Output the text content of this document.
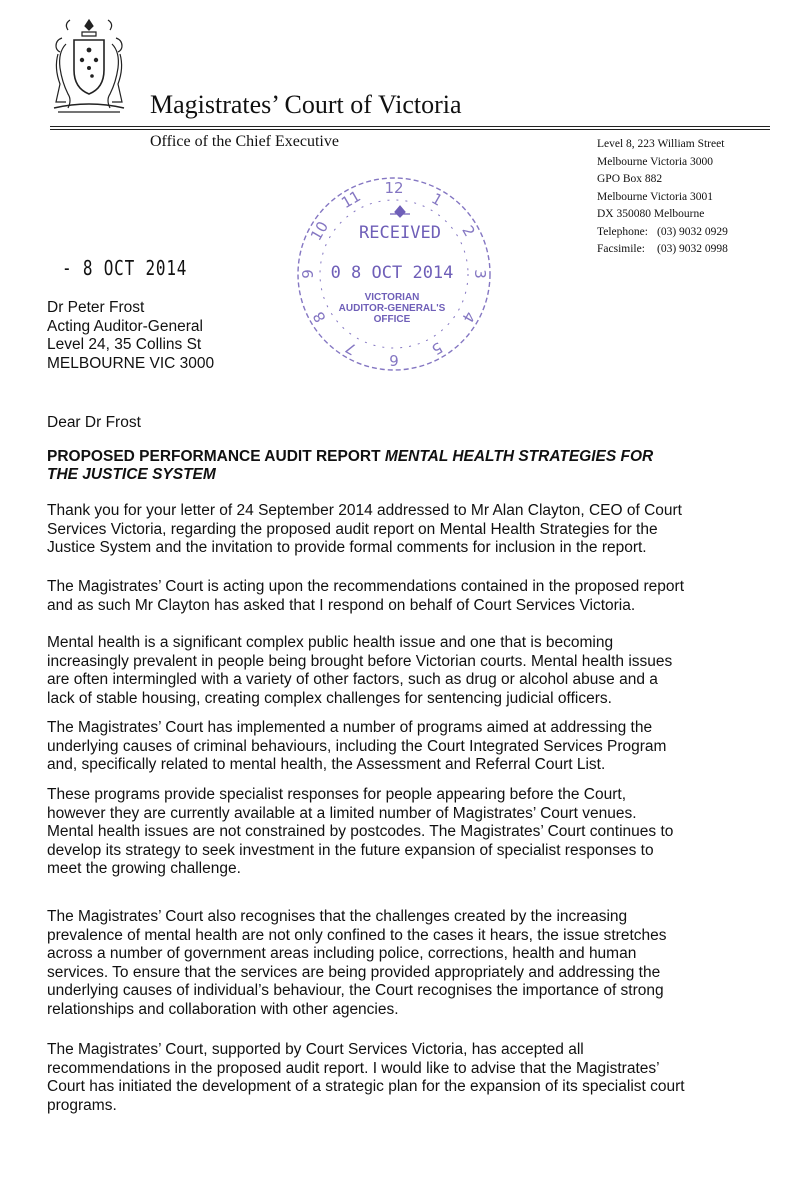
Magistrates’ Court of Victoria
Office of the Chief Executive	Level 8, 223 William Street
Melbourne Victoria 3000
GPO Box 882
Melbourne Victoria 3001
DX 350080 Melbourne
Telephone: (03) 9032 0929
Facsimile: (03) 9032 0998
12
1
2
3
4
5
6
7
8
9
10
11
RECEIVED
0 8 OCT 2014
VICTORIAN
AUDITOR-GENERAL'S
OFFICE
- 8 OCT 2014
Dr Peter Frost
Acting Auditor-General
Level 24, 35 Collins St
MELBOURNE VIC 3000
Dear Dr Frost
PROPOSED PERFORMANCE AUDIT REPORT MENTAL HEALTH STRATEGIES FOR
THE JUSTICE SYSTEM
Thank you for your letter of 24 September 2014 addressed to Mr Alan Clayton, CEO of Court
Services Victoria, regarding the proposed audit report on Mental Health Strategies for the
Justice System and the invitation to provide formal comments for inclusion in the report.
The Magistrates’ Court is acting upon the recommendations contained in the proposed report
and as such Mr Clayton has asked that I respond on behalf of Court Services Victoria.
Mental health is a significant complex public health issue and one that is becoming
increasingly prevalent in people being brought before Victorian courts. Mental health issues
are often intermingled with a variety of other factors, such as drug or alcohol abuse and a
lack of stable housing, creating complex challenges for sentencing judicial officers.
The Magistrates’ Court has implemented a number of programs aimed at addressing the
underlying causes of criminal behaviours, including the Court Integrated Services Program
and, specifically related to mental health, the Assessment and Referral Court List.
These programs provide specialist responses for people appearing before the Court,
however they are currently available at a limited number of Magistrates’ Court venues.
Mental health issues are not constrained by postcodes. The Magistrates’ Court continues to
develop its strategy to seek investment in the future expansion of specialist responses to
meet the growing challenge.
The Magistrates’ Court also recognises that the challenges created by the increasing
prevalence of mental health are not only confined to the cases it hears, the issue stretches
across a number of government areas including police, corrections, health and human
services. To ensure that the services are being provided appropriately and addressing the
underlying causes of individual’s behaviour, the Court recognises the importance of strong
relationships and collaboration with other agencies.
The Magistrates’ Court, supported by Court Services Victoria, has accepted all
recommendations in the proposed audit report. I would like to advise that the Magistrates’
Court has initiated the development of a strategic plan for the expansion of its specialist court
programs.
